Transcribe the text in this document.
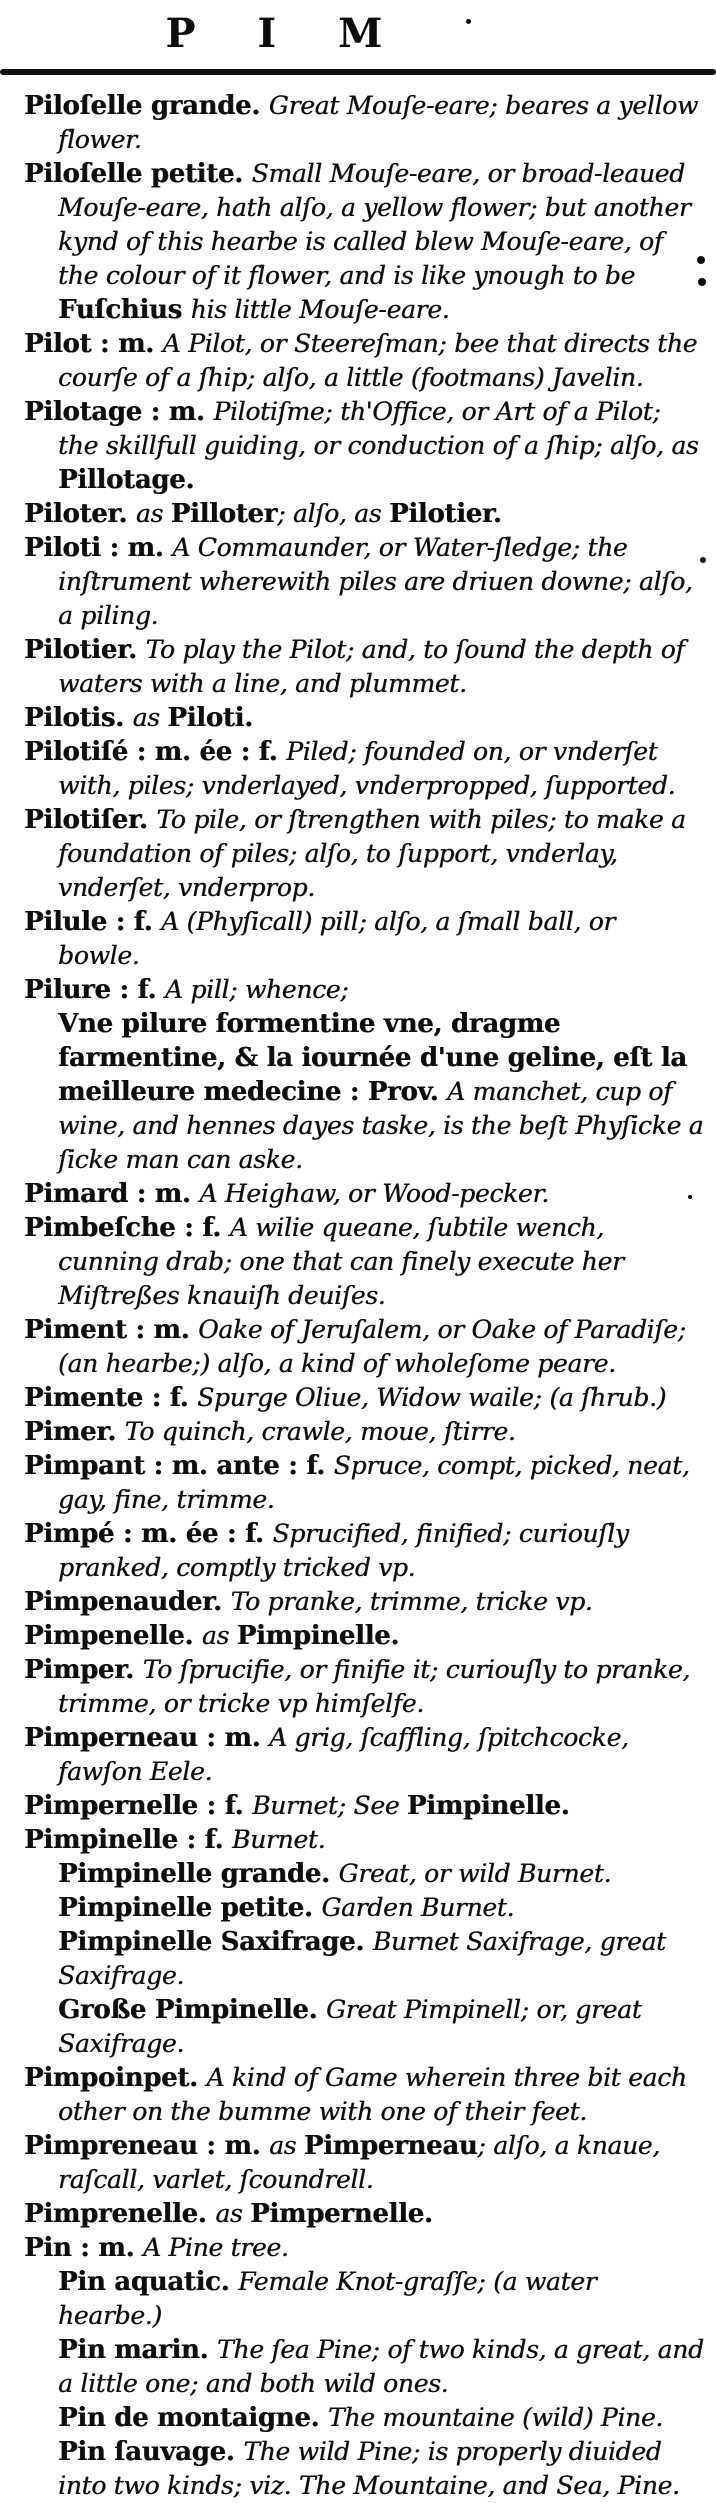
P I M
Piloſelle grande. Great Mouſe-eare; beares a yellow flower.
Piloſelle petite. Small Mouſe-eare, or broad-leaued Mouſe-eare, hath alſo, a yellow flower; but another kynd of this hearbe is called blew Mouſe-eare, of the colour of it flower, and is like ynough to be Fuſchius his little Mouſe-eare.
Pilot : m. A Pilot, or Steereſman; bee that directs the courſe of a ſhip; alſo, a little (footmans) Javelin.
Pilotage : m. Pilotiſme; th'Office, or Art of a Pilot; the skillfull guiding, or conduction of a ſhip; alſo, as Pillotage.
Piloter. as Pilloter; alſo, as Pilotier.
Piloti : m. A Commaunder, or Water-ſledge; the inſtrument wherewith piles are driuen downe; alſo, a piling.
Pilotier. To play the Pilot; and, to ſound the depth of waters with a line, and plummet.
Pilotis. as Piloti.
Pilotiſé : m. ée : f. Piled; founded on, or vnderſet with, piles; vnderlayed, vnderpropped, ſupported.
Pilotiſer. To pile, or ſtrengthen with piles; to make a foundation of piles; alſo, to ſupport, vnderlay, vnderſet, vnderprop.
Pilule : f. A (Phyſicall) pill; alſo, a ſmall ball, or bowle.
Pilure : f. A pill; whence;
Vne pilure formentine vne, dragme farmentine, & la iournée d'une geline, eſt la meilleure medecine : Prov. A manchet, cup of wine, and hennes dayes taske, is the beſt Phyſicke a ſicke man can aske.
Pimard : m. A Heighaw, or Wood-pecker.
Pimbeſche : f. A wilie queane, ſubtile wench, cunning drab; one that can finely execute her Miſtreßes knauiſh deuiſes.
Piment : m. Oake of Jeruſalem, or Oake of Paradiſe; (an hearbe;) alſo, a kind of wholeſome peare.
Pimente : f. Spurge Oliue, Widow waile; (a ſhrub.)
Pimer. To quinch, crawle, moue, ſtirre.
Pimpant : m. ante : f. Spruce, compt, picked, neat, gay, fine, trimme.
Pimpé : m. ée : f. Sprucified, finified; curiouſly pranked, comptly tricked vp.
Pimpenauder. To pranke, trimme, tricke vp.
Pimpenelle. as Pimpinelle.
Pimper. To ſprucifie, or finifie it; curiouſly to pranke, trimme, or tricke vp himſelfe.
Pimperneau : m. A grig, ſcaffling, ſpitchcocke, fawſon Eele.
Pimpernelle : f. Burnet; See Pimpinelle.
Pimpinelle : f. Burnet.
Pimpinelle grande. Great, or wild Burnet.
Pimpinelle petite. Garden Burnet.
Pimpinelle Saxifrage. Burnet Saxifrage, great Saxifrage.
Große Pimpinelle. Great Pimpinell; or, great Saxifrage.
Pimpoinpet. A kind of Game wherein three bit each other on the bumme with one of their feet.
Pimpreneau : m. as Pimperneau; alſo, a knaue, raſcall, varlet, ſcoundrell.
Pimprenelle. as Pimpernelle.
Pin : m. A Pine tree.
Pin aquatic. Female Knot-graſſe; (a water hearbe.)
Pin marin. The ſea Pine; of two kinds, a great, and a little one; and both wild ones.
Pin de montaigne. The mountaine (wild) Pine.
Pin ſauvage. The wild Pine; is properly diuided into two kinds; viz. The Mountaine, and Sea, Pine.
